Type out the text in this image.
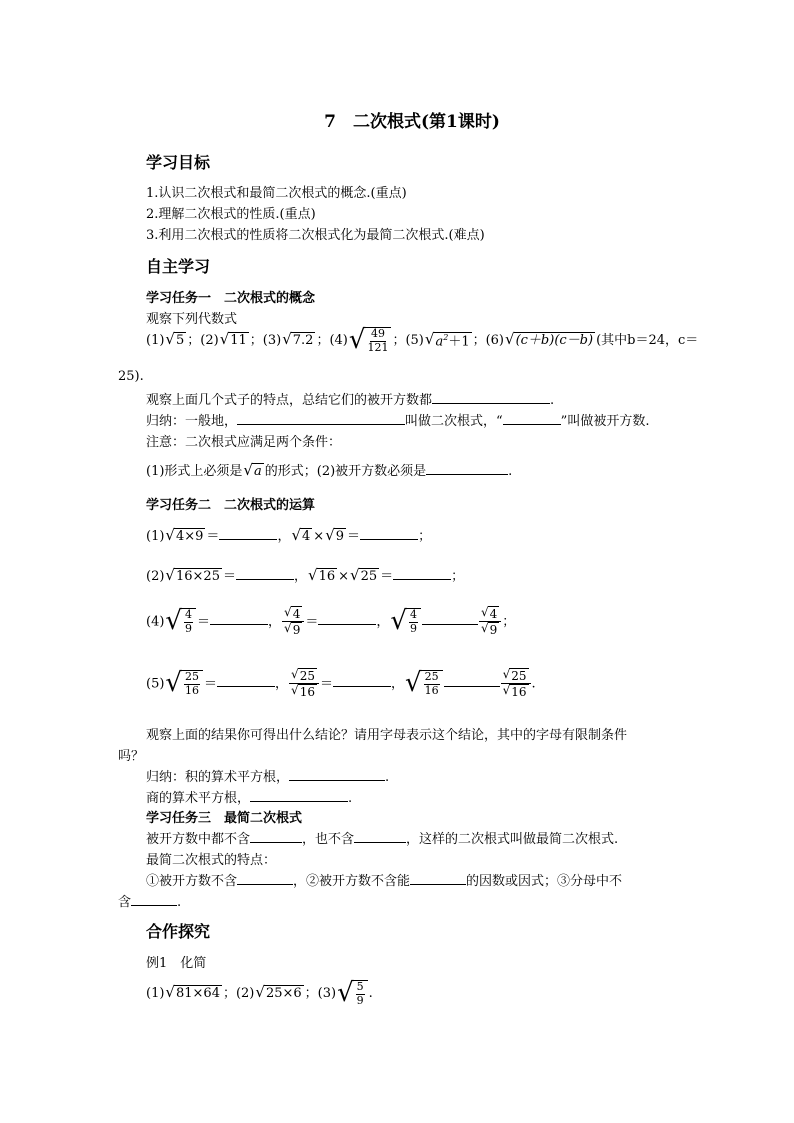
7　二次根式(第1课时)
学习目标
1.认识二次根式和最简二次根式的概念.(重点)
2.理解二次根式的性质.(重点)
3.利用二次根式的性质将二次根式化为最简二次根式.(难点)
自主学习
学习任务一　二次根式的概念
观察下列代数式
(1) √ 5 ；(2) √ 11 ；(3) √ 7.2 ；(4) √ $\frac{49}{121}$ ；(5) √ $a^2+1$ ；(6) √ (c＋b)(c－b) (其中b＝24，c＝
25).
观察上面几个式子的特点，总结它们的被开方数都	.
归纳：一般地，	叫做二次根式，“	”叫做被开方数.
注意：二次根式应满足两个条件：
(1)形式上必须是 √ a 的形式；(2)被开方数必须是	.
学习任务二　二次根式的运算
(1) √ 4×9 ＝	， √ 4 × √ 9 ＝	；
(2) √ 16×25 ＝	， √ 16 × √ 25 ＝	；
(4) √ $\frac{4}{9}$ ＝	， $\frac{√ 4}{√ 9}$ ＝	， √ $\frac{4}{9}$	$\frac{√ 4}{√ 9}$ ；
(5) √ $\frac{25}{16}$ ＝	， $\frac{√ 25}{√ 16}$ ＝	， √ $\frac{25}{16}$	$\frac{√ 25}{√ 16}$ .
观察上面的结果你可得出什么结论？请用字母表示这个结论，其中的字母有限制条件
吗？
归纳：积的算术平方根，	.
商的算术平方根，	.
学习任务三　最简二次根式
被开方数中都不含	，也不含	，这样的二次根式叫做最简二次根式.
最简二次根式的特点：
①被开方数不含	，②被开方数不含能	的因数或因式；③分母中不
含	.
合作探究
例1　化简
(1) √ 81×64 ；(2) √ 25×6 ；(3) √ $\frac{5}{9}$ .
